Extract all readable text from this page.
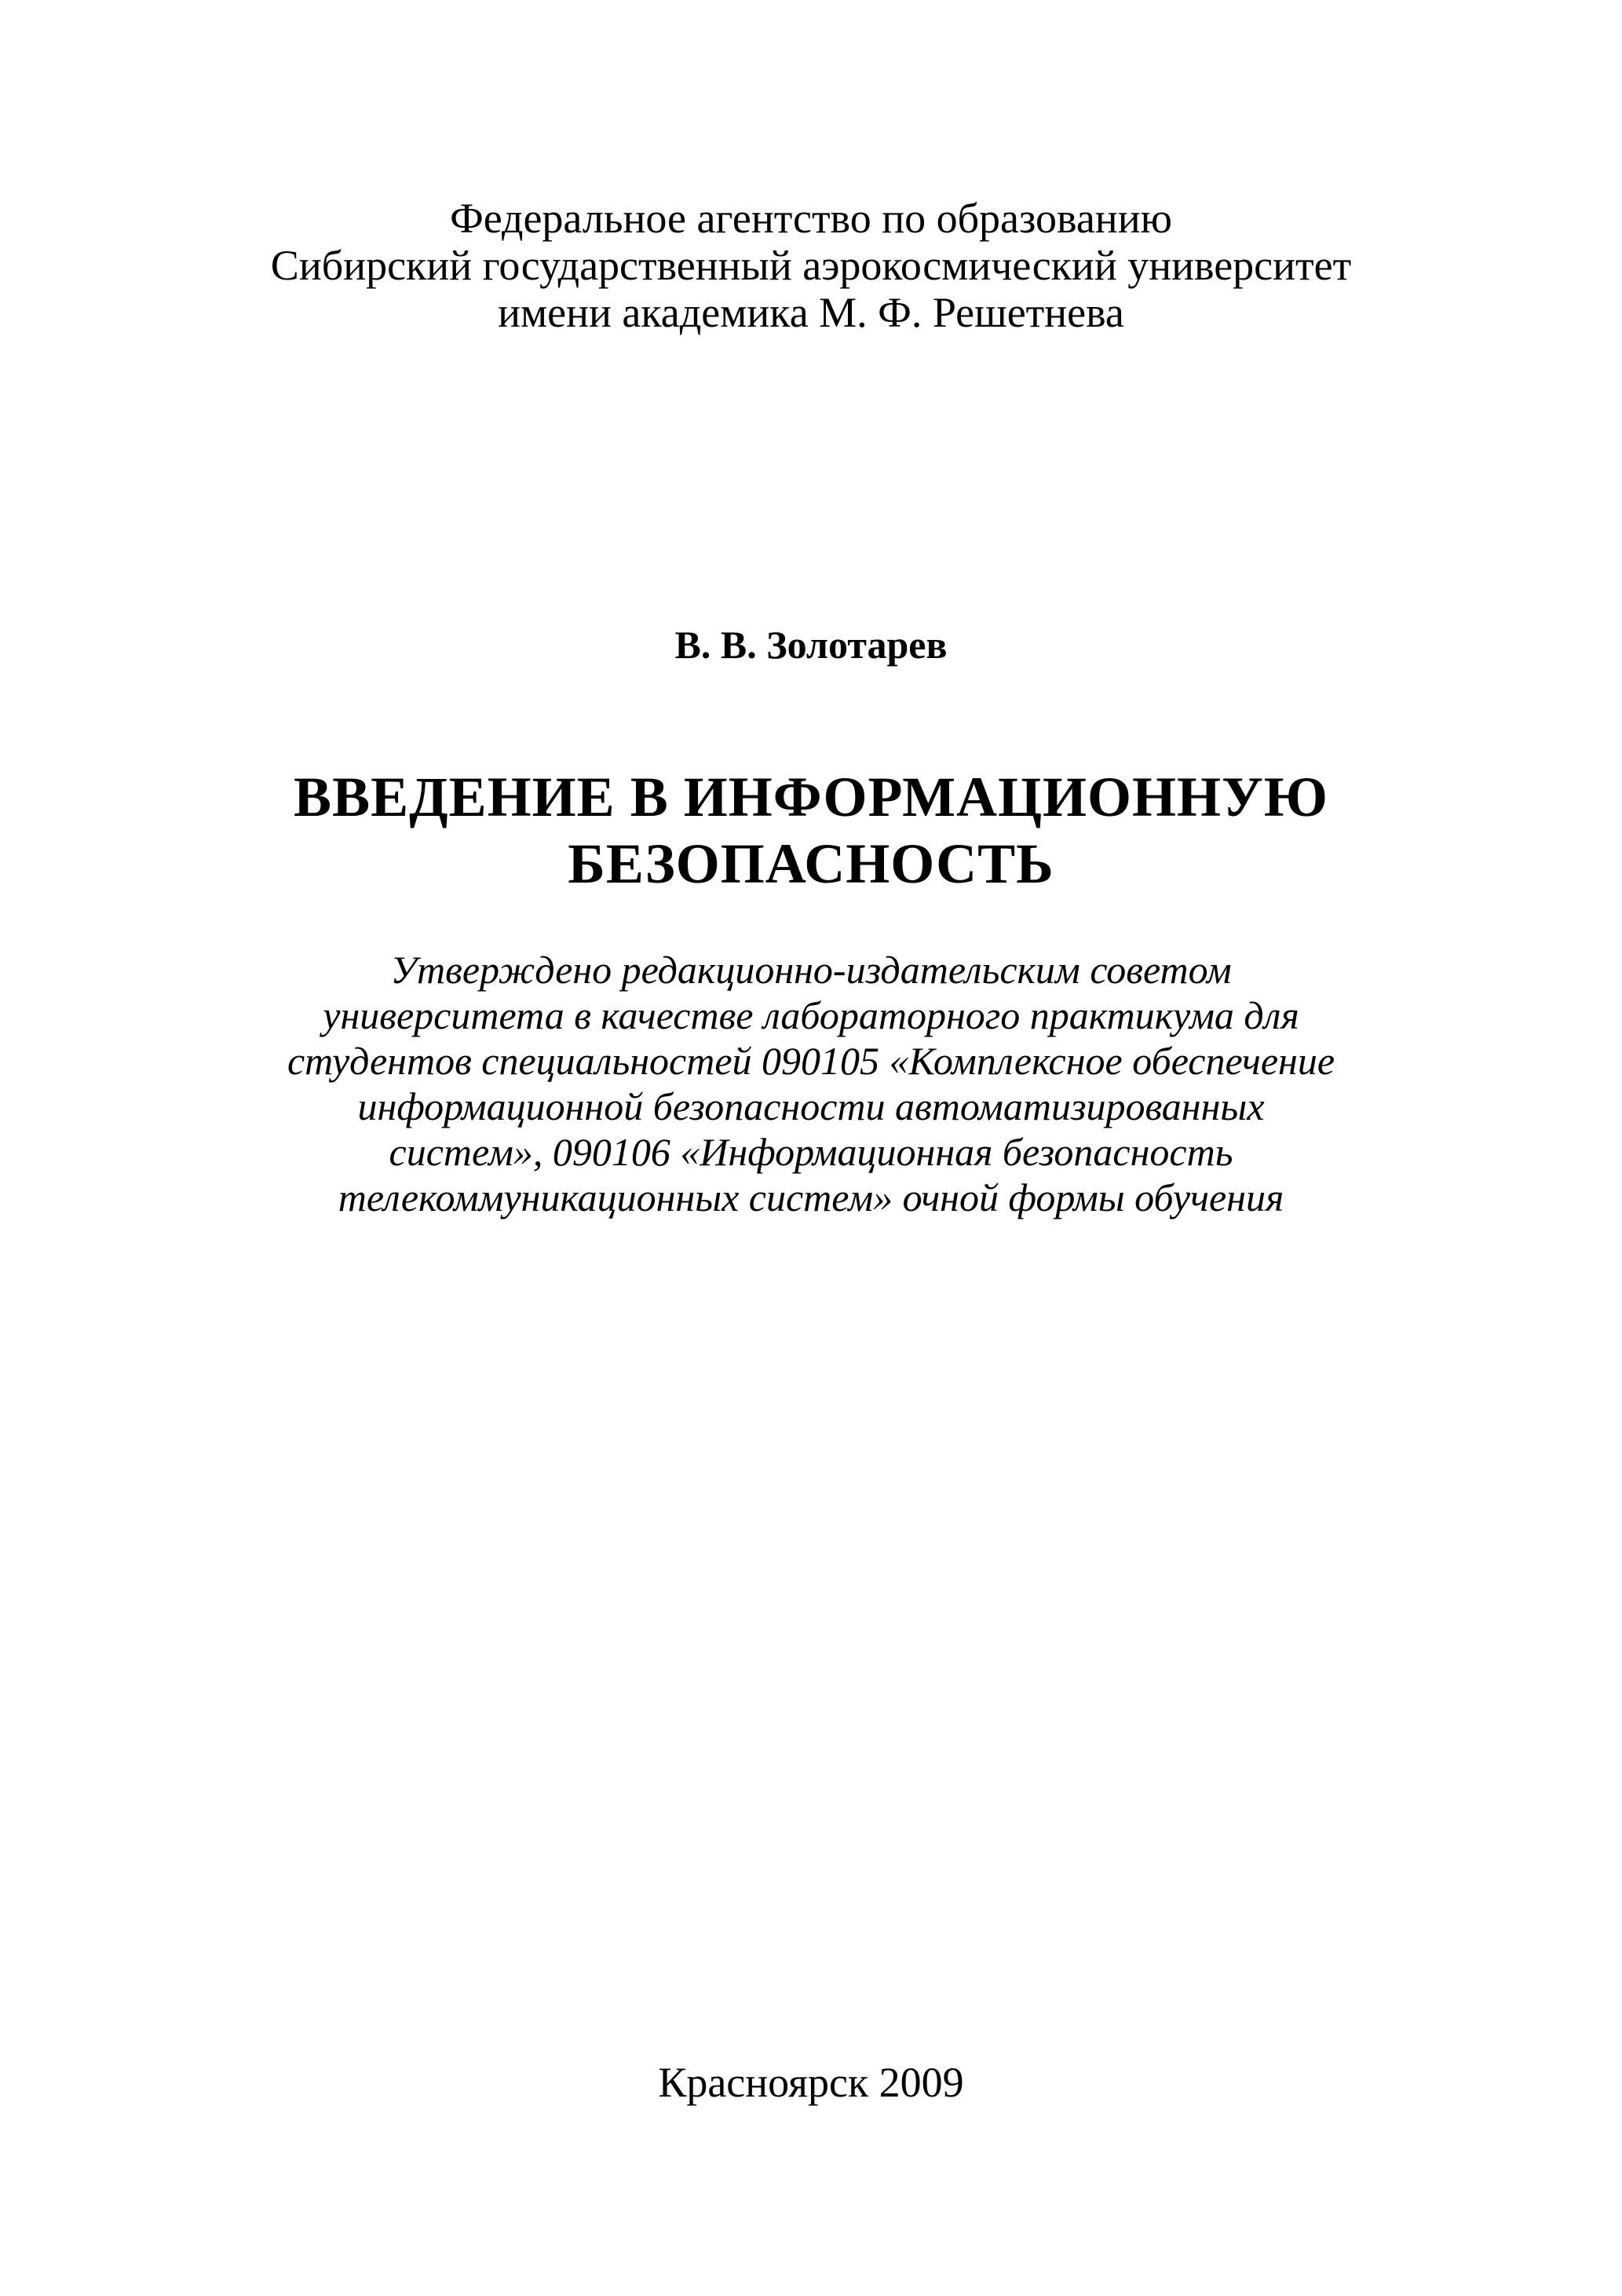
Федеральное агентство по образованию
Сибирский государственный аэрокосмический университет
имени академика М. Ф. Решетнева
В. В. Золотарев
ВВЕДЕНИЕ В ИНФОРМАЦИОННУЮ
БЕЗОПАСНОСТЬ
Утверждено редакционно-издательским советом
университета в качестве лабораторного практикума для
студентов специальностей 090105 «Комплексное обеспечение
информационной безопасности автоматизированных
систем», 090106 «Информационная безопасность
телекоммуникационных систем» очной формы обучения
Красноярск 2009
